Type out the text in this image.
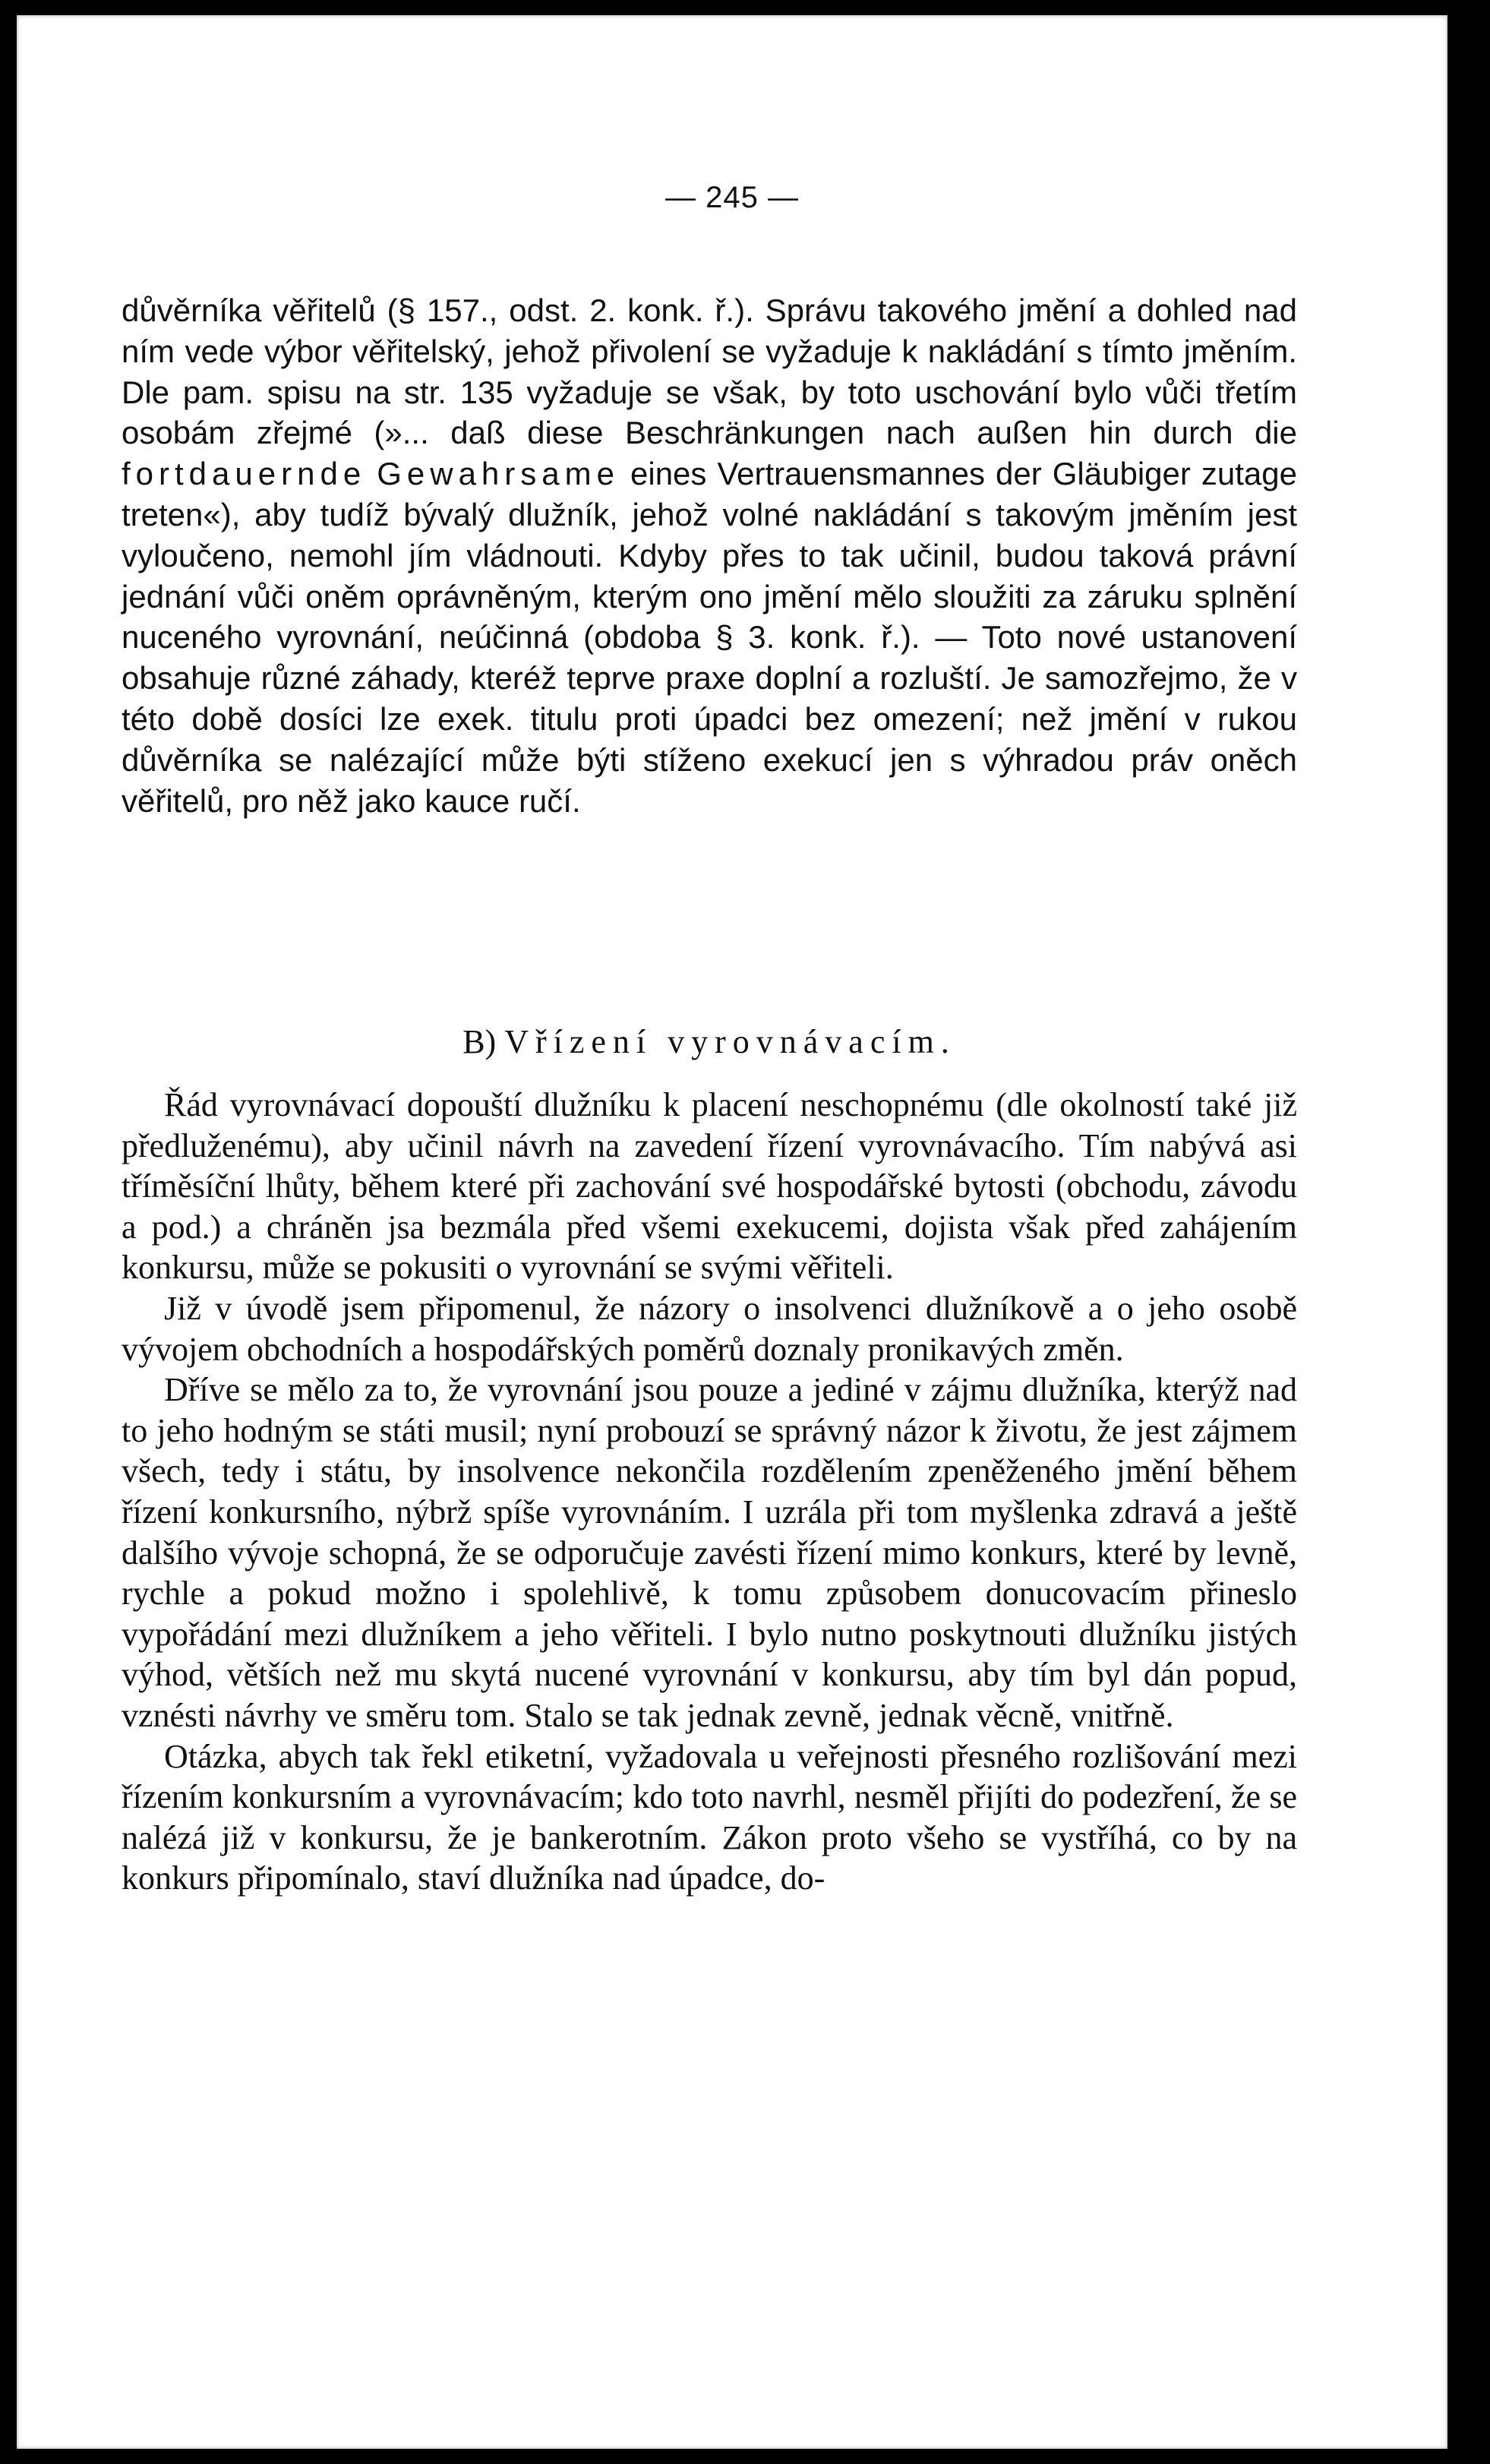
— 245 —

důvěrníka věřitelů (§ 157., odst. 2. konk. ř.). Správu takového jmění a dohled nad ním vede výbor věřitelský, jehož přivolení se vyžaduje k nakládání s tímto jměním. Dle pam. spisu na str. 135 vyžaduje se však, by toto uschování bylo vůči třetím osobám zřejmé (»... daß diese Beschränkungen nach außen hin durch die fortdauernde Gewahrsame eines Vertrauensmannes der Gläubiger zutage treten«), aby tudíž bývalý dlužník, jehož volné nakládání s takovým jměním jest vyloučeno, nemohl jím vládnouti. Kdyby přes to tak učinil, budou taková právní jednání vůči oněm oprávněným, kterým ono jmění mělo sloužiti za záruku splnění nuceného vyrovnání, neúčinná (obdoba § 3. konk. ř.). — Toto nové ustanovení obsahuje různé záhady, kteréž teprve praxe doplní a rozluští. Je samozřejmo, že v této době dosíci lze exek. titulu proti úpadci bez omezení; než jmění v rukou důvěrníka se nalézající může býti stíženo exekucí jen s výhradou práv oněch věřitelů, pro něž jako kauce ručí.

B) Vřízení vyrovnávacím.

Řád vyrovnávací dopouští dlužníku k placení neschopnému (dle okolností také již předluženému), aby učinil návrh na zavedení řízení vyrovnávacího. Tím nabývá asi tříměsíční lhůty, během které při zachování své hospodářské bytosti (obchodu, závodu a pod.) a chráněn jsa bezmála před všemi exekucemi, dojista však před zahájením konkursu, může se pokusiti o vyrovnání se svými věřiteli.

Již v úvodě jsem připomenul, že názory o insolvenci dlužníkově a o jeho osobě vývojem obchodních a hospodářských poměrů doznaly pronikavých změn.

Dříve se mělo za to, že vyrovnání jsou pouze a jediné v zájmu dlužníka, kterýž nad to jeho hodným se státi musil; nyní probouzí se správný názor k životu, že jest zájmem všech, tedy i státu, by insolvence nekončila rozdělením zpeněženého jmění během řízení konkursního, nýbrž spíše vyrovnáním. I uzrála při tom myšlenka zdravá a ještě dalšího vývoje schopná, že se odporučuje zavésti řízení mimo konkurs, které by levně, rychle a pokud možno i spolehlivě, k tomu způsobem donucovacím přineslo vypořádání mezi dlužníkem a jeho věřiteli. I bylo nutno poskytnouti dlužníku jistých výhod, větších než mu skytá nucené vyrovnání v konkursu, aby tím byl dán popud, vznésti návrhy ve směru tom. Stalo se tak jednak zevně, jednak věcně, vnitřně.

Otázka, abych tak řekl etiketní, vyžadovala u veřejnosti přesného rozlišování mezi řízením konkursním a vyrovnávacím; kdo toto navrhl, nesměl přijíti do podezření, že se nalézá již v konkursu, že je bankerotním. Zákon proto všeho se vystříhá, co by na konkurs připomínalo, staví dlužníka nad úpadce, do-
